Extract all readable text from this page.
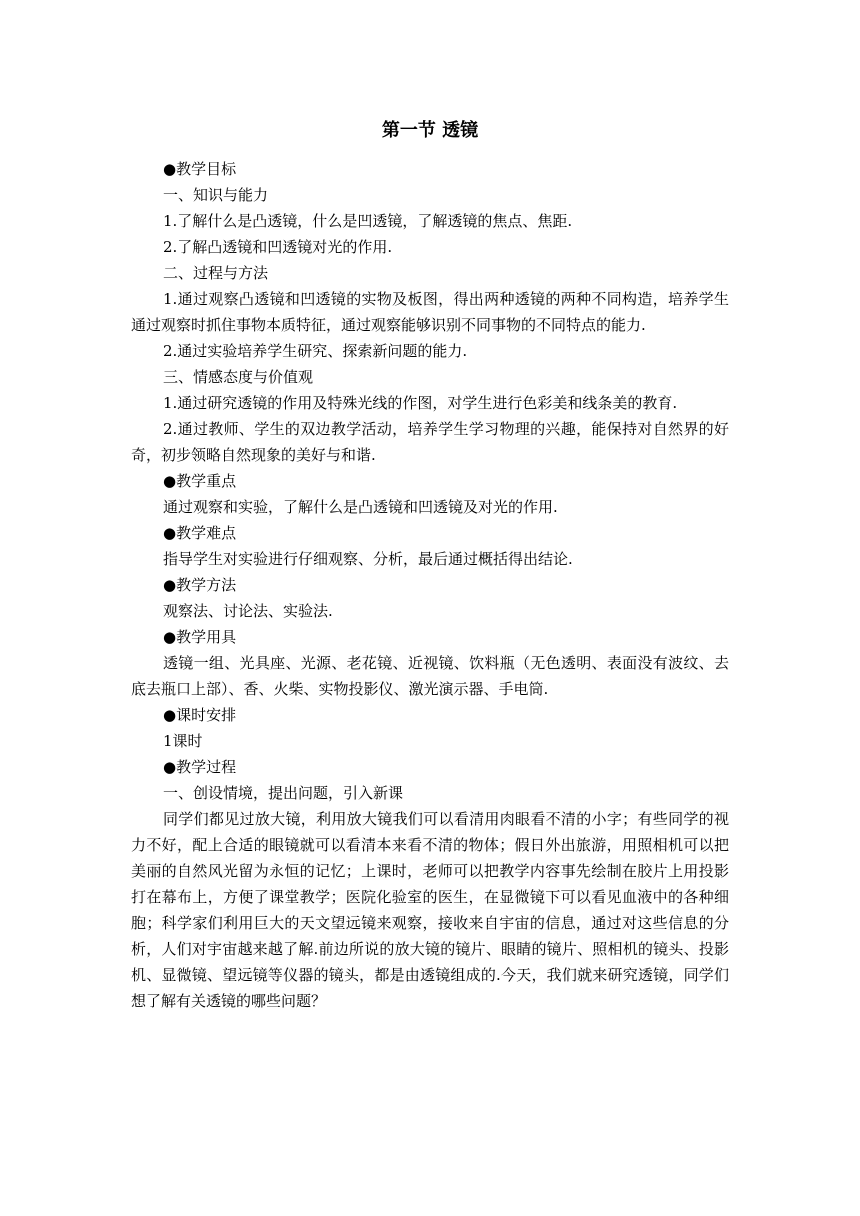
第一节 透镜

●教学目标

一、知识与能力

1.了解什么是凸透镜，什么是凹透镜，了解透镜的焦点、焦距.

2.了解凸透镜和凹透镜对光的作用.

二、过程与方法

1.通过观察凸透镜和凹透镜的实物及板图，得出两种透镜的两种不同构造，培养学生通过观察时抓住事物本质特征，通过观察能够识别不同事物的不同特点的能力.

2.通过实验培养学生研究、探索新问题的能力.

三、情感态度与价值观

1.通过研究透镜的作用及特殊光线的作图，对学生进行色彩美和线条美的教育.

2.通过教师、学生的双边教学活动，培养学生学习物理的兴趣，能保持对自然界的好奇，初步领略自然现象的美好与和谐.

●教学重点

通过观察和实验，了解什么是凸透镜和凹透镜及对光的作用.

●教学难点

指导学生对实验进行仔细观察、分析，最后通过概括得出结论.

●教学方法

观察法、讨论法、实验法.

●教学用具

透镜一组、光具座、光源、老花镜、近视镜、饮料瓶（无色透明、表面没有波纹、去底去瓶口上部）、香、火柴、实物投影仪、激光演示器、手电筒.

●课时安排

1课时

●教学过程

一、创设情境，提出问题，引入新课

同学们都见过放大镜，利用放大镜我们可以看清用肉眼看不清的小字；有些同学的视力不好，配上合适的眼镜就可以看清本来看不清的物体；假日外出旅游，用照相机可以把美丽的自然风光留为永恒的记忆；上课时，老师可以把教学内容事先绘制在胶片上用投影打在幕布上，方便了课堂教学；医院化验室的医生，在显微镜下可以看见血液中的各种细胞；科学家们利用巨大的天文望远镜来观察，接收来自宇宙的信息，通过对这些信息的分析，人们对宇宙越来越了解.前边所说的放大镜的镜片、眼睛的镜片、照相机的镜头、投影机、显微镜、望远镜等仪器的镜头，都是由透镜组成的.今天，我们就来研究透镜，同学们想了解有关透镜的哪些问题？
